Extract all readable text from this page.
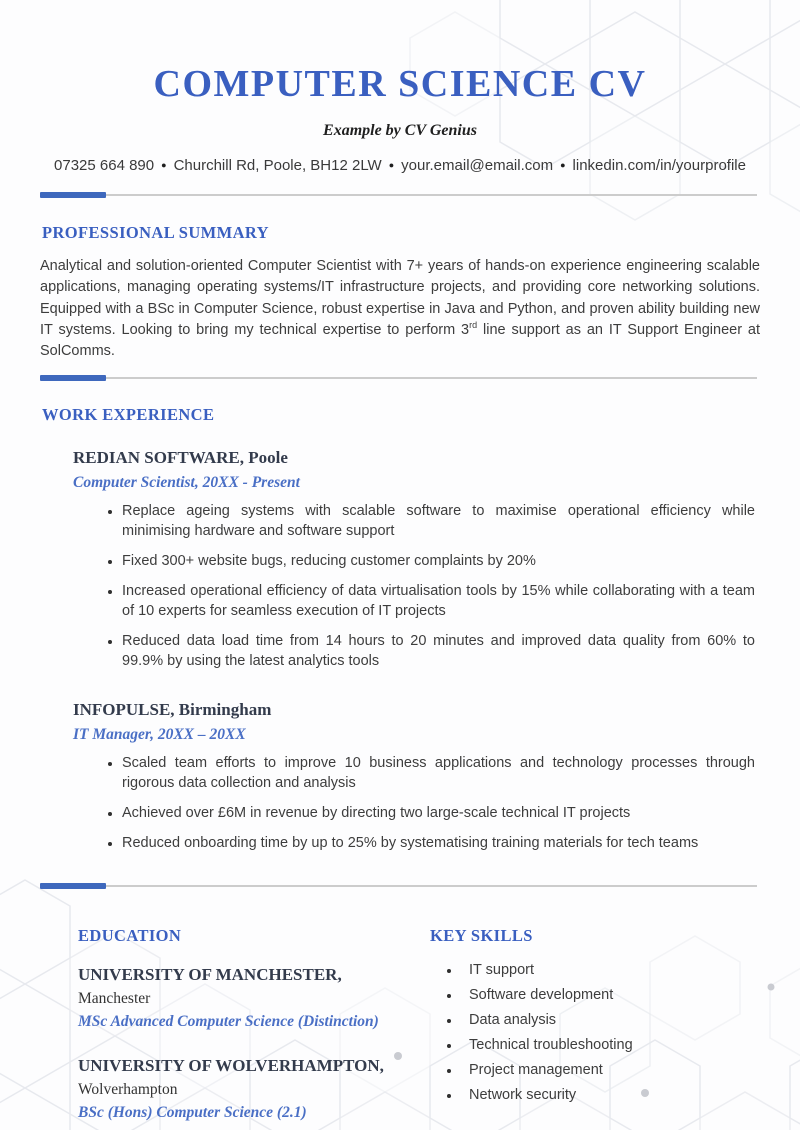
COMPUTER SCIENCE CV
Example by CV Genius
07325 664 890 ● Churchill Rd, Poole, BH12 2LW ● your.email@email.com ● linkedin.com/in/yourprofile
PROFESSIONAL SUMMARY

Analytical and solution-oriented Computer Scientist with 7+ years of hands-on experience engineering scalable applications, managing operating systems/IT infrastructure projects, and providing core networking solutions. Equipped with a BSc in Computer Science, robust expertise in Java and Python, and proven ability building new IT systems. Looking to bring my technical expertise to perform 3rd line support as an IT Support Engineer at SolComms.

WORK EXPERIENCE
REDIAN SOFTWARE, Poole
Computer Scientist, 20XX - Present
• Replace ageing systems with scalable software to maximise operational efficiency while minimising hardware and software support
• Fixed 300+ website bugs, reducing customer complaints by 20%
• Increased operational efficiency of data virtualisation tools by 15% while collaborating with a team of 10 experts for seamless execution of IT projects
• Reduced data load time from 14 hours to 20 minutes and improved data quality from 60% to 99.9% by using the latest analytics tools
INFOPULSE, Birmingham
IT Manager, 20XX – 20XX
• Scaled team efforts to improve 10 business applications and technology processes through rigorous data collection and analysis
• Achieved over £6M in revenue by directing two large-scale technical IT projects
• Reduced onboarding time by up to 25% by systematising training materials for tech teams
EDUCATION
UNIVERSITY OF MANCHESTER,
Manchester
MSc Advanced Computer Science (Distinction)
UNIVERSITY OF WOLVERHAMPTON,
Wolverhampton
BSc (Hons) Computer Science (2.1)
KEY SKILLS
• IT support
• Software development
• Data analysis
• Technical troubleshooting
• Project management
• Network security
